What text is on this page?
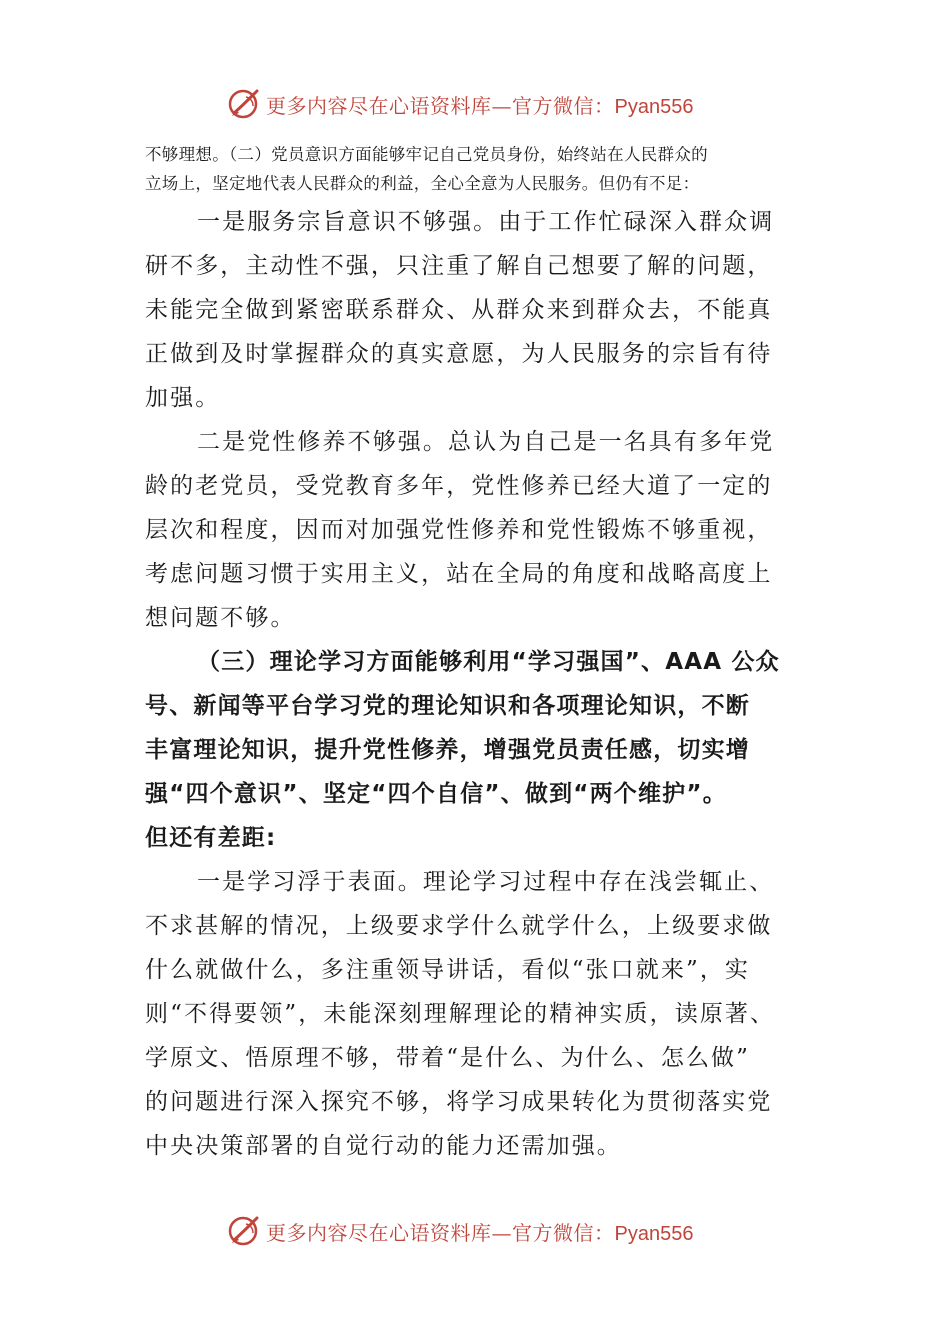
更多内容尽在心语资料库—官方微信：Pyan556

不够理想。（二）党员意识方面能够牢记自己党员身份，始终站在人民群众的
立场上，坚定地代表人民群众的利益，全心全意为人民服务。但仍有不足：

一是服务宗旨意识不够强。由于工作忙碌深入群众调
研不多，主动性不强，只注重了解自己想要了解的问题，
未能完全做到紧密联系群众、从群众来到群众去，不能真
正做到及时掌握群众的真实意愿，为人民服务的宗旨有待
加强。

二是党性修养不够强。总认为自己是一名具有多年党
龄的老党员，受党教育多年，党性修养已经大道了一定的
层次和程度，因而对加强党性修养和党性锻炼不够重视，
考虑问题习惯于实用主义，站在全局的角度和战略高度上
想问题不够。

（三）理论学习方面能够利用“学习强国”、AAA 公众
号、新闻等平台学习党的理论知识和各项理论知识，不断
丰富理论知识，提升党性修养，增强党员责任感，切实增
强“四个意识”、坚定“四个自信”、做到“两个维护”。
但还有差距:

一是学习浮于表面。理论学习过程中存在浅尝辄止、
不求甚解的情况，上级要求学什么就学什么，上级要求做
什么就做什么，多注重领导讲话，看似“张口就来”，实
则“不得要领”，未能深刻理解理论的精神实质，读原著、
学原文、悟原理不够，带着“是什么、为什么、怎么做”
的问题进行深入探究不够，将学习成果转化为贯彻落实党
中央决策部署的自觉行动的能力还需加强。

更多内容尽在心语资料库—官方微信：Pyan556
